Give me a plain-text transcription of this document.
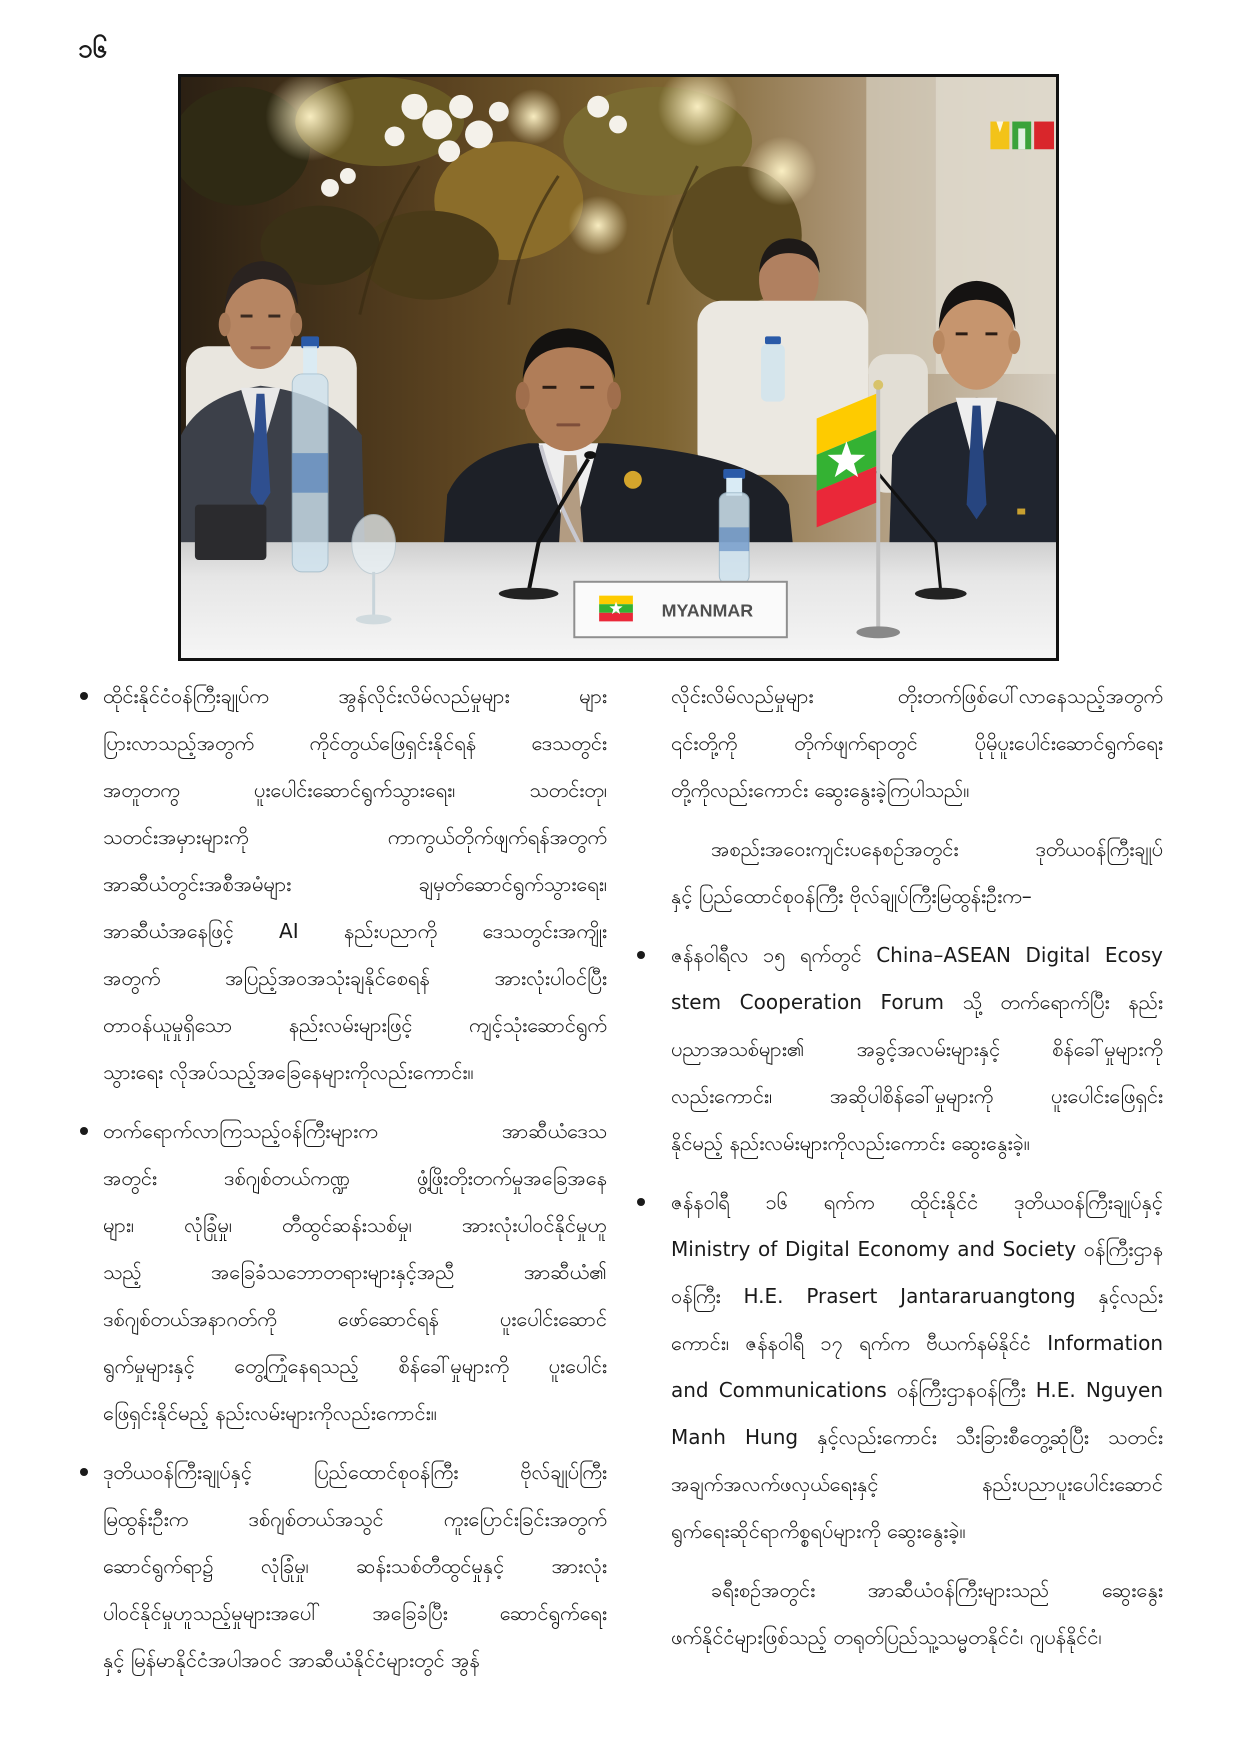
၁၆
MYANMAR
ထိုင်းနိုင်ငံဝန်ကြီးချုပ်က အွန်လိုင်းလိမ်လည်မှုများ များ
ပြားလာသည့်အတွက် ကိုင်တွယ်ဖြေရှင်းနိုင်ရန် ဒေသတွင်း
အတူတကွ ပူးပေါင်းဆောင်ရွက်သွားရေး၊ သတင်းတု၊
သတင်းအမှားများကို ကာကွယ်တိုက်ဖျက်ရန်အတွက်
အာဆီယံတွင်းအစီအမံများ ချမှတ်ဆောင်ရွက်သွားရေး၊
အာဆီယံအနေဖြင့် AI နည်းပညာကို ဒေသတွင်းအကျိုး
အတွက် အပြည့်အဝအသုံးချနိုင်စေရန် အားလုံးပါဝင်ပြီး
တာဝန်ယူမှုရှိသော နည်းလမ်းများဖြင့် ကျင့်သုံးဆောင်ရွက်
သွားရေး လိုအပ်သည့်အခြေနေများကိုလည်းကောင်း။
တက်ရောက်လာကြသည့်ဝန်ကြီးများက အာဆီယံဒေသ
အတွင်း ဒစ်ဂျစ်တယ်ကဏ္ဍ ဖွံ့ဖြိုးတိုးတက်မှုအခြေအနေ
များ၊ လုံခြုံမှု၊ တီထွင်ဆန်းသစ်မှု၊ အားလုံးပါဝင်နိုင်မှုဟူ
သည့် အခြေခံသဘောတရားများနှင့်အညီ အာဆီယံ၏
ဒစ်ဂျစ်တယ်အနာဂတ်ကို ဖော်ဆောင်ရန် ပူးပေါင်းဆောင်
ရွက်မှုများနှင့် တွေ့ကြုံနေရသည့် စိန်ခေါ်မှုများကို ပူးပေါင်း
ဖြေရှင်းနိုင်မည့် နည်းလမ်းများကိုလည်းကောင်း။
ဒုတိယဝန်ကြီးချုပ်နှင့် ပြည်ထောင်စုဝန်ကြီး ဗိုလ်ချုပ်ကြီး
မြထွန်းဦးက ဒစ်ဂျစ်တယ်အသွင် ကူးပြောင်းခြင်းအတွက်
ဆောင်ရွက်ရာ၌ လုံခြုံမှု၊ ဆန်းသစ်တီထွင်မှုနှင့် အားလုံး
ပါဝင်နိုင်မှုဟူသည့်မှုများအပေါ် အခြေခံပြီး ဆောင်ရွက်ရေး
နှင့် မြန်မာနိုင်ငံအပါအဝင် အာဆီယံနိုင်ငံများတွင် အွန်
လိုင်းလိမ်လည်မှုများ တိုးတက်ဖြစ်ပေါ်လာနေသည့်အတွက်
၎င်းတို့ကို တိုက်ဖျက်ရာတွင် ပိုမိုပူးပေါင်းဆောင်ရွက်ရေး
တို့ကိုလည်းကောင်း ဆွေးနွေးခဲ့ကြပါသည်။
အစည်းအဝေးကျင်းပနေစဉ်အတွင်း ဒုတိယဝန်ကြီးချုပ်
နှင့် ပြည်ထောင်စုဝန်ကြီး ဗိုလ်ချုပ်ကြီးမြထွန်းဦးက–
ဇန်နဝါရီလ ၁၅ ရက်တွင် China–ASEAN Digital Ecosy
stem Cooperation Forum သို့ တက်ရောက်ပြီး နည်း
ပညာအသစ်များ၏ အခွင့်အလမ်းများနှင့် စိန်ခေါ်မှုများကို
လည်းကောင်း၊ အဆိုပါစိန်ခေါ်မှုများကို ပူးပေါင်းဖြေရှင်း
နိုင်မည့် နည်းလမ်းများကိုလည်းကောင်း ဆွေးနွေးခဲ့။
ဇန်နဝါရီ ၁၆ ရက်က ထိုင်းနိုင်ငံ ဒုတိယဝန်ကြီးချုပ်နှင့်
Ministry of Digital Economy and Society ဝန်ကြီးဌာန
ဝန်ကြီး H.E. Prasert Jantararuangtong နှင့်လည်း
ကောင်း၊ ဇန်နဝါရီ ၁၇ ရက်က ဗီယက်နမ်နိုင်ငံ Information
and Communications ဝန်ကြီးဌာနဝန်ကြီး H.E. Nguyen
Manh Hung နှင့်လည်းကောင်း သီးခြားစီတွေ့ဆုံပြီး သတင်း
အချက်အလက်ဖလှယ်ရေးနှင့် နည်းပညာပူးပေါင်းဆောင်
ရွက်ရေးဆိုင်ရာကိစ္စရပ်များကို ဆွေးနွေးခဲ့။
ခရီးစဉ်အတွင်း အာဆီယံဝန်ကြီးများသည် ဆွေးနွေး
ဖက်နိုင်ငံများဖြစ်သည့် တရုတ်ပြည်သူ့သမ္မတနိုင်ငံ၊ ဂျပန်နိုင်ငံ၊
